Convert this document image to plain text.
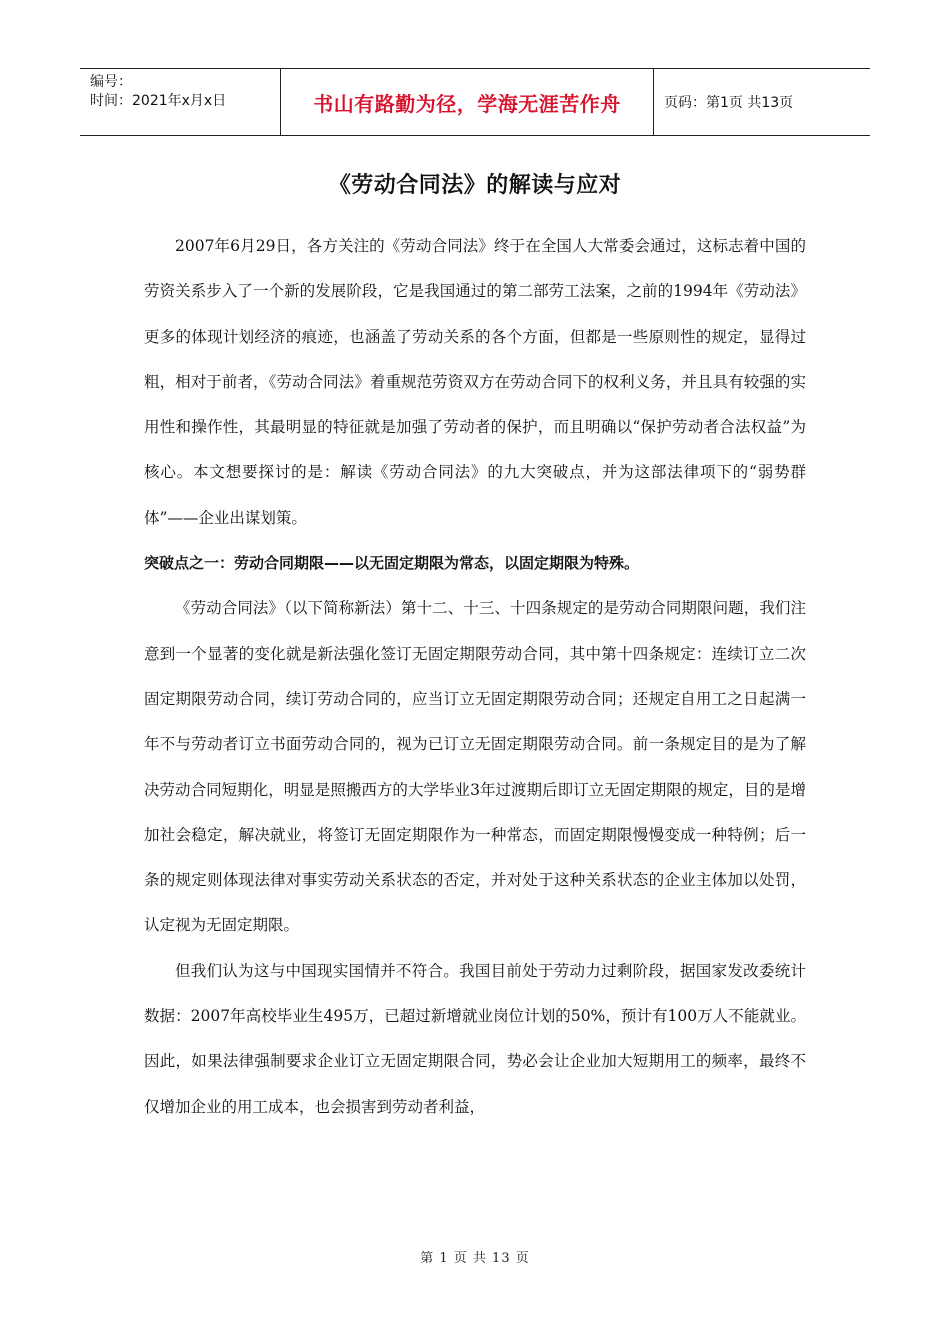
编号：
时间：2021年x月x日	书山有路勤为径，学海无涯苦作舟	页码：第1页 共13页
《劳动合同法》的解读与应对

2007年6月29日，各方关注的《劳动合同法》终于在全国人大常委会通过，这标志着中国的劳资关系步入了一个新的发展阶段，它是我国通过的第二部劳工法案，之前的1994年《劳动法》更多的体现计划经济的痕迹，也涵盖了劳动关系的各个方面，但都是一些原则性的规定，显得过粗，相对于前者，《劳动合同法》着重规范劳资双方在劳动合同下的权利义务，并且具有较强的实用性和操作性，其最明显的特征就是加强了劳动者的保护，而且明确以“保护劳动者合法权益”为核心。本文想要探讨的是：解读《劳动合同法》的九大突破点，并为这部法律项下的“弱势群体”——企业出谋划策。

突破点之一：劳动合同期限——以无固定期限为常态，以固定期限为特殊。

《劳动合同法》（以下简称新法）第十二、十三、十四条规定的是劳动合同期限问题，我们注意到一个显著的变化就是新法强化签订无固定期限劳动合同，其中第十四条规定：连续订立二次固定期限劳动合同，续订劳动合同的，应当订立无固定期限劳动合同；还规定自用工之日起满一年不与劳动者订立书面劳动合同的，视为已订立无固定期限劳动合同。前一条规定目的是为了解决劳动合同短期化，明显是照搬西方的大学毕业3年过渡期后即订立无固定期限的规定，目的是增加社会稳定，解决就业，将签订无固定期限作为一种常态，而固定期限慢慢变成一种特例；后一条的规定则体现法律对事实劳动关系状态的否定，并对处于这种关系状态的企业主体加以处罚，认定视为无固定期限。

但我们认为这与中国现实国情并不符合。我国目前处于劳动力过剩阶段，据国家发改委统计数据：2007年高校毕业生495万，已超过新增就业岗位计划的50%，预计有100万人不能就业。因此，如果法律强制要求企业订立无固定期限合同，势必会让企业加大短期用工的频率，最终不仅增加企业的用工成本，也会损害到劳动者利益，

第 1 页 共 13 页
